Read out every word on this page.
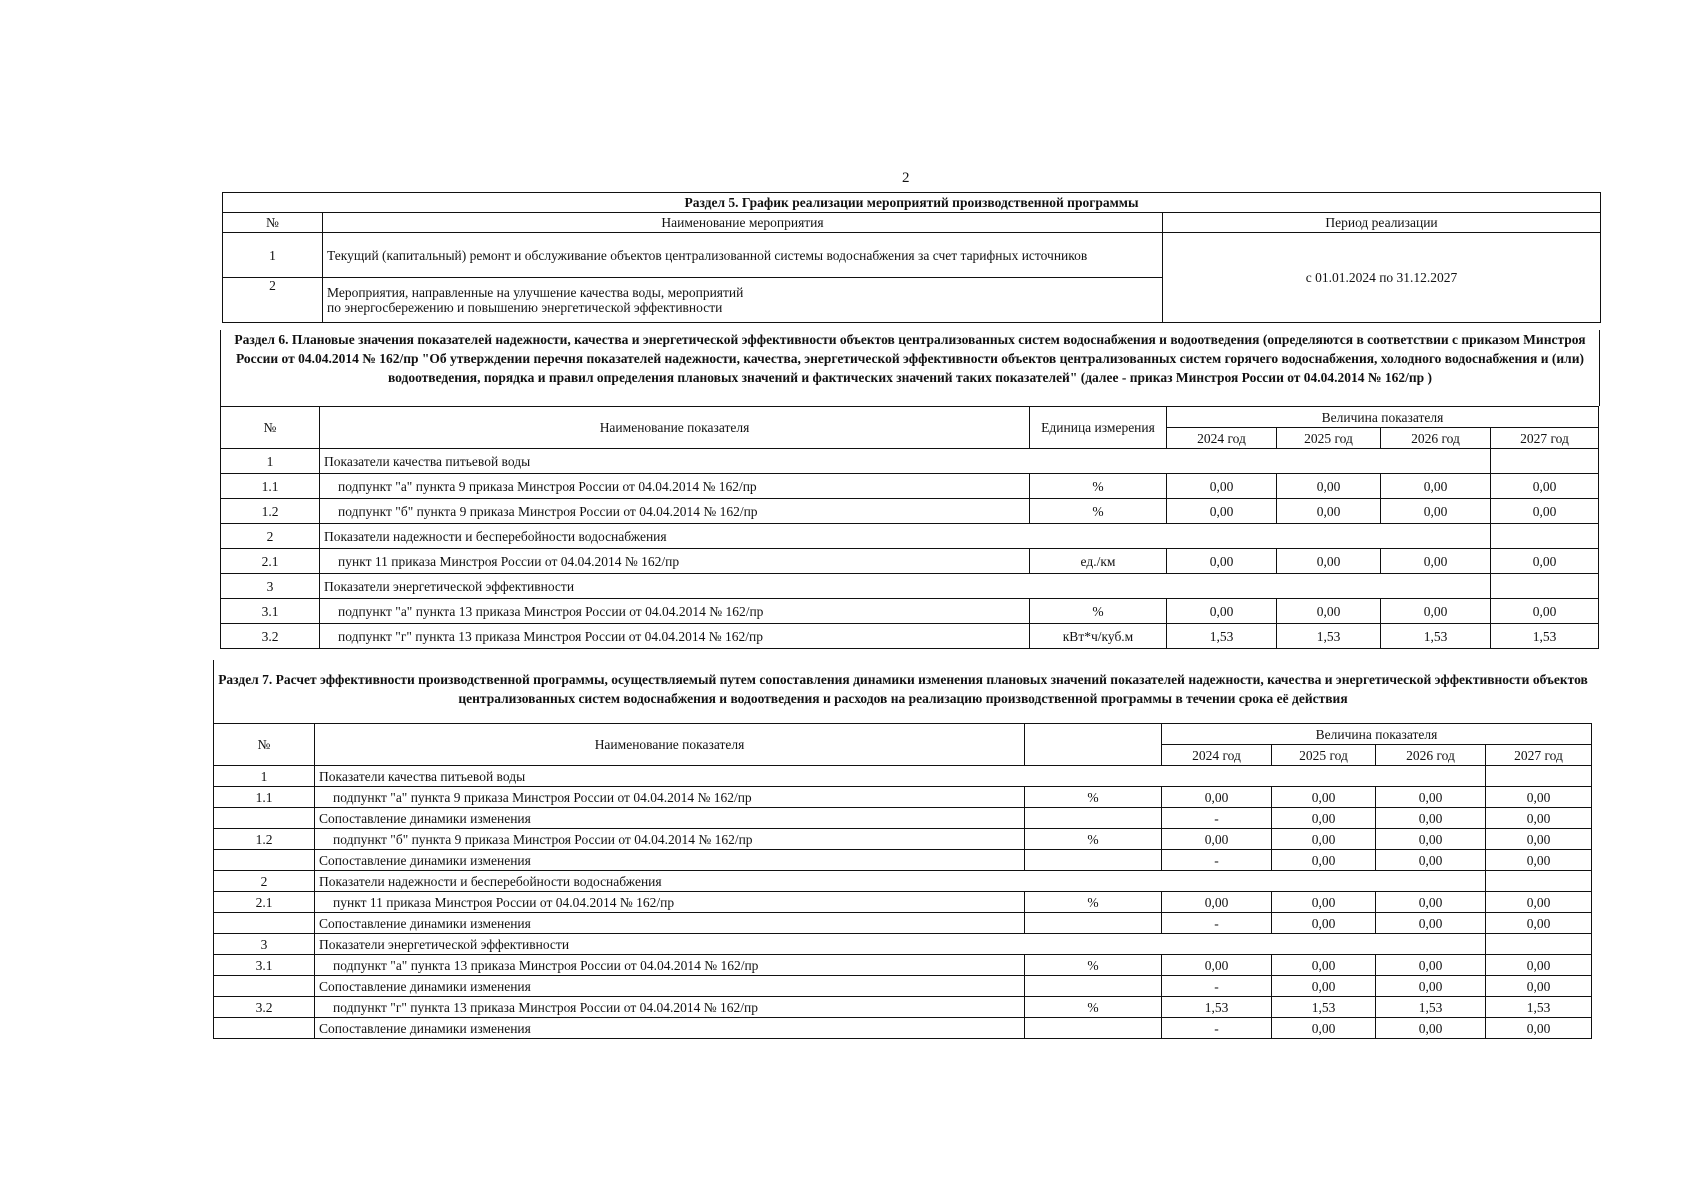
2
Раздел 5. График реализации мероприятий производственной программы		
№	Наименование мероприятия	Период реализации
1	Текущий (капитальный) ремонт и обслуживание объектов централизованной системы водоснабжения за счет тарифных источников	с 01.01.2024 по 31.12.2027
2	Мероприятия, направленные на улучшение качества воды, мероприятий
по энергосбережению и повышению энергетической эффективности	

Раздел 6. Плановые значения показателей надежности, качества и энергетической эффективности объектов централизованных систем водоснабжения и водоотведения (определяются в соответствии с приказом Минстроя России от 04.04.2014 № 162/пр "Об утверждении перечня показателей надежности, качества, энергетической эффективности объектов централизованных систем горячего водоснабжения, холодного водоснабжения и (или) водоотведения, порядка и правил определения плановых значений и фактических значений таких показателей" (далее - приказ Минстроя России от 04.04.2014 № 162/пр )

№	Наименование показателя	Единица измерения	Величина показателя			
			2024 год	2025 год	2026 год	2027 год
1	Показатели качества питьевой воды					
1.1	подпункт "а" пункта 9 приказа Минстроя России от 04.04.2014 № 162/пр	%	0,00	0,00	0,00	0,00
1.2	подпункт "б" пункта 9 приказа Минстроя России от 04.04.2014 № 162/пр	%	0,00	0,00	0,00	0,00
2	Показатели надежности и бесперебойности водоснабжения					
2.1	пункт 11 приказа Минстроя России от 04.04.2014 № 162/пр	ед./км	0,00	0,00	0,00	0,00
3	Показатели энергетической эффективности					
3.1	подпункт "а" пункта 13 приказа Минстроя России от 04.04.2014 № 162/пр	%	0,00	0,00	0,00	0,00
3.2	подпункт "г" пункта 13 приказа Минстроя России от 04.04.2014 № 162/пр	кВт*ч/куб.м	1,53	1,53	1,53	1,53

Раздел 7. Расчет эффективности производственной программы, осуществляемый путем сопоставления динамики изменения плановых значений показателей надежности, качества и энергетической эффективности объектов централизованных систем водоснабжения и водоотведения и расходов на реализацию производственной программы в течении срока её действия

№	Наименование показателя		Величина показателя			
			2024 год	2025 год	2026 год	2027 год
1	Показатели качества питьевой воды					
1.1	подпункт "а" пункта 9 приказа Минстроя России от 04.04.2014 № 162/пр	%	0,00	0,00	0,00	0,00
	Сопоставление динамики изменения		-	0,00	0,00	0,00
1.2	подпункт "б" пункта 9 приказа Минстроя России от 04.04.2014 № 162/пр	%	0,00	0,00	0,00	0,00
	Сопоставление динамики изменения		-	0,00	0,00	0,00
2	Показатели надежности и бесперебойности водоснабжения					
2.1	пункт 11 приказа Минстроя России от 04.04.2014 № 162/пр	%	0,00	0,00	0,00	0,00
	Сопоставление динамики изменения		-	0,00	0,00	0,00
3	Показатели энергетической эффективности					
3.1	подпункт "а" пункта 13 приказа Минстроя России от 04.04.2014 № 162/пр	%	0,00	0,00	0,00	0,00
	Сопоставление динамики изменения		-	0,00	0,00	0,00
3.2	подпункт "г" пункта 13 приказа Минстроя России от 04.04.2014 № 162/пр	%	1,53	1,53	1,53	1,53
	Сопоставление динамики изменения		-	0,00	0,00	0,00
